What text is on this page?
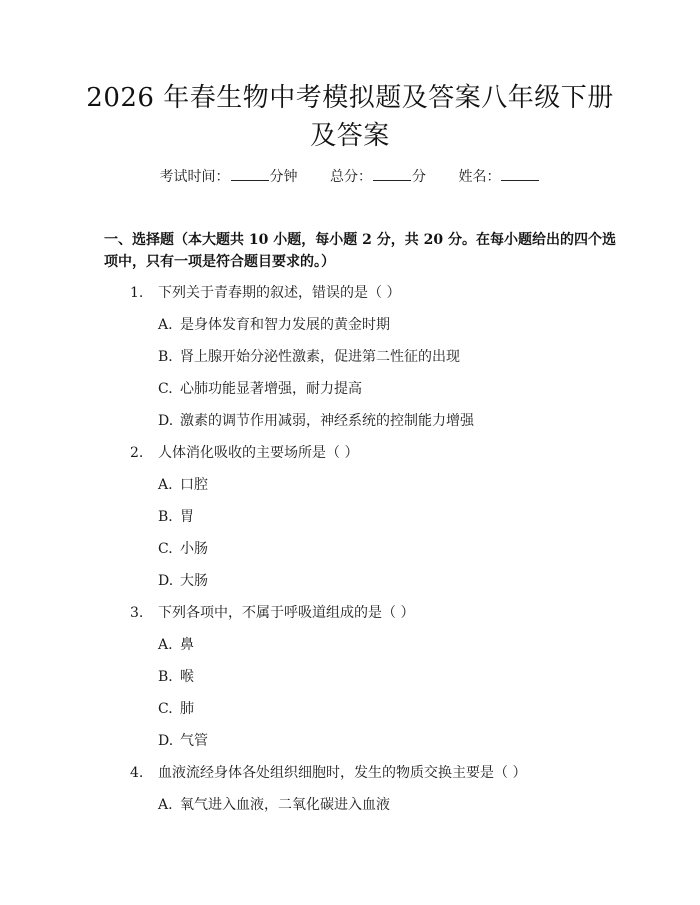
2026 年春生物中考模拟题及答案八年级下册
及答案
考试时间：	分钟 总分：	分 姓名：
一、选择题（本大题共 10 小题，每小题 2 分，共 20 分。在每小题给出的四个选
项中，只有一项是符合题目要求的。）
1. 下列关于青春期的叙述，错误的是（ ）
A. 是身体发育和智力发展的黄金时期
B. 肾上腺开始分泌性激素，促进第二性征的出现
C. 心肺功能显著增强，耐力提高
D. 激素的调节作用减弱，神经系统的控制能力增强
2. 人体消化吸收的主要场所是（ ）
A. 口腔
B. 胃
C. 小肠
D. 大肠
3. 下列各项中，不属于呼吸道组成的是（ ）
A. 鼻
B. 喉
C. 肺
D. 气管
4. 血液流经身体各处组织细胞时，发生的物质交换主要是（ ）
A. 氧气进入血液，二氧化碳进入血液
